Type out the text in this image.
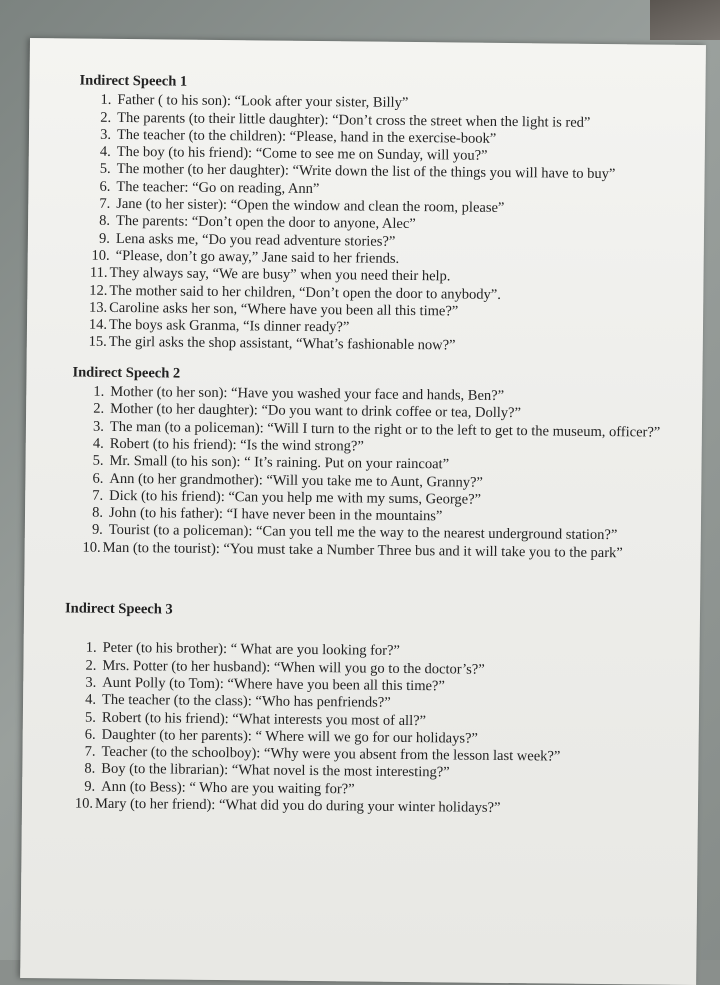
Indirect Speech 1
1. Father ( to his son): “Look after your sister, Billy”
2. The parents (to their little daughter): “Don’t cross the street when the light is red”
3. The teacher (to the children): “Please, hand in the exercise-book”
4. The boy (to his friend): “Come to see me on Sunday, will you?”
5. The mother (to her daughter): “Write down the list of the things you will have to buy”
6. The teacher: “Go on reading, Ann”
7. Jane (to her sister): “Open the window and clean the room, please”
8. The parents: “Don’t open the door to anyone, Alec”
9. Lena asks me, “Do you read adventure stories?”
10. “Please, don’t go away,” Jane said to her friends.
11. They always say, “We are busy” when you need their help.
12. The mother said to her children, “Don’t open the door to anybody”.
13. Caroline asks her son, “Where have you been all this time?”
14. The boys ask Granma, “Is dinner ready?”
15. The girl asks the shop assistant, “What’s fashionable now?”
Indirect Speech 2
1. Mother (to her son): “Have you washed your face and hands, Ben?”
2. Mother (to her daughter): “Do you want to drink coffee or tea, Dolly?”
3. The man (to a policeman): “Will I turn to the right or to the left to get to the museum, officer?”
4. Robert (to his friend): “Is the wind strong?”
5. Mr. Small (to his son): “ It’s raining. Put on your raincoat”
6. Ann (to her grandmother): “Will you take me to Aunt, Granny?”
7. Dick (to his friend): “Can you help me with my sums, George?”
8. John (to his father): “I have never been in the mountains”
9. Tourist (to a policeman): “Can you tell me the way to the nearest underground station?”
10. Man (to the tourist): “You must take a Number Three bus and it will take you to the park”
Indirect Speech 3
1. Peter (to his brother): “ What are you looking for?”
2. Mrs. Potter (to her husband): “When will you go to the doctor’s?”
3. Aunt Polly (to Tom): “Where have you been all this time?”
4. The teacher (to the class): “Who has penfriends?”
5. Robert (to his friend): “What interests you most of all?”
6. Daughter (to her parents): “ Where will we go for our holidays?”
7. Teacher (to the schoolboy): “Why were you absent from the lesson last week?”
8. Boy (to the librarian): “What novel is the most interesting?”
9. Ann (to Bess): “ Who are you waiting for?”
10. Mary (to her friend): “What did you do during your winter holidays?”
